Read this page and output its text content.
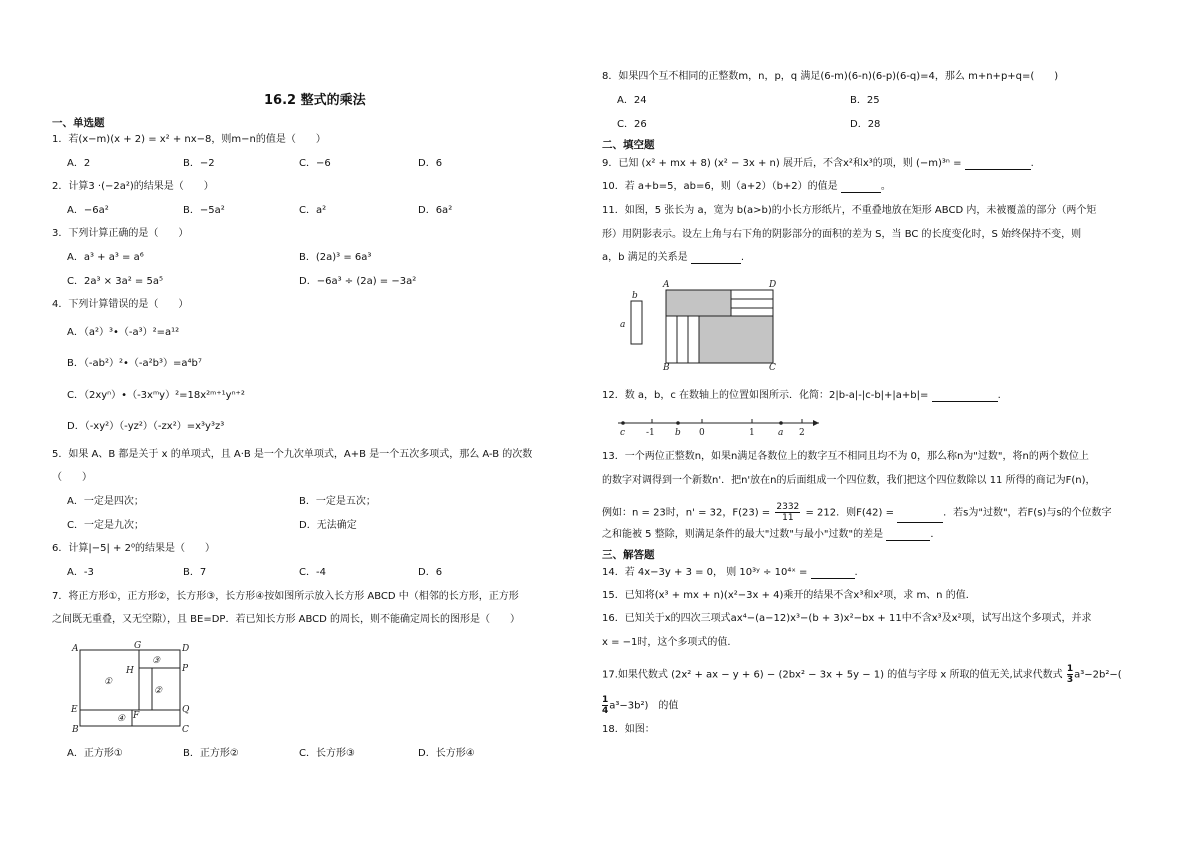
16.2 整式的乘法
一、单选题
1．若(x−m)(x + 2) = x² + nx−8，则m−n的值是（　　）
A．2	B．−2	C．−6	D．6
2．计算3 ·(−2a²)的结果是（　　）
A．−6a²	B．−5a²	C．a²	D．6a²
3．下列计算正确的是（　　）
A．a³ + a³ = a⁶	B．(2a)³ = 6a³
C．2a³ × 3a² = 5a⁵	D．−6a³ ÷ (2a) = −3a²
4．下列计算错误的是（　　）
A．（a²）³•（-a³）²=a¹²
B．（-ab²）²•（-a²b³）=a⁴b⁷
C．（2xyⁿ）•（-3xᵐy）²=18x²ᵐ⁺¹yⁿ⁺²
D．（-xy²）（-yz²）（-zx²）=x³y³z³
5．如果 A、B 都是关于 x 的单项式，且 A·B 是一个九次单项式，A+B 是一个五次多项式，那么 A-B 的次数
（　　）
A．一定是四次；	B．一定是五次；
C．一定是九次；	D．无法确定
6．计算|−5| + 2⁰的结果是（　　）
A．-3	B．7	C．-4	D．6
7．将正方形①，正方形②，长方形③，长方形④按如图所示放入长方形 ABCD 中（相邻的长方形，正方形
之间既无重叠，又无空隙），且 BE=DP．若已知长方形 ABCD 的周长，则不能确定周长的图形是（　　）
A
B	C
D
E
F
G
H	P
Q
①
②
③
④
A．正方形①	B．正方形②	C．长方形③	D．长方形④
8．如果四个互不相同的正整数m，n，p，q 满足(6-m)(6-n)(6-p)(6-q)=4，那么 m+n+p+q=(　　)
A．24	B．25
C．26	D．28
二、填空题
9．已知 (x² + mx + 8) (x² − 3x + n) 展开后，不含x²和x³的项，则 (−m)³ⁿ =	.
10．若 a+b=5，ab=6，则（a+2）（b+2）的值是	。
11．如图，5 张长为 a，宽为 b(a>b)的小长方形纸片，不重叠地放在矩形 ABCD 内，未被覆盖的部分（两个矩
形）用阴影表示。设左上角与右下角的阴影部分的面积的差为 S，当 BC 的长度变化时，S 始终保持不变，则
a，b 满足的关系是	.
b
a
A	D
B	C
12．数 a，b，c 在数轴上的位置如图所示．化简：2|b-a|-|c-b|+|a+b|=	.
c -1 b 0	1	a 2
13．一个两位正整数n，如果n满足各数位上的数字互不相同且均不为 0，那么称n为"过数"，将n的两个数位上
的数字对调得到一个新数n'．把n'放在n的后面组成一个四位数，我们把这个四位数除以 11 所得的商记为F(n)，
例如：n = 23时，n' = 32，$F(23) = \frac{2332}{11} = 212$．则F(42) =	．若s为"过数"，若F(s)与s的个位数字
之和能被 5 整除，则满足条件的最大"过数"与最小"过数"的差是	．
三、解答题
14．若 4x−3y + 3 = 0， 则 10³ʸ ÷ 10⁴ˣ =	.
15．已知将(x³ + mx + n)(x²−3x + 4)乘开的结果不含x³和x²项，求 m、n 的值．
16．已知关于x的四次三项式ax⁴−(a−12)x³−(b + 3)x²−bx + 11中不含x³及x²项，试写出这个多项式，并求
x = −1时，这个多项式的值．
17.如果代数式 (2x² + ax − y + 6) − (2bx² − 3x + 5y − 1) 的值与字母 x 所取的值无关,试求代数式 $\frac{1}{3} a^3-2b^2-$(
$\frac{1}{4} a^3-3b^2$)　的值
18．如图：
